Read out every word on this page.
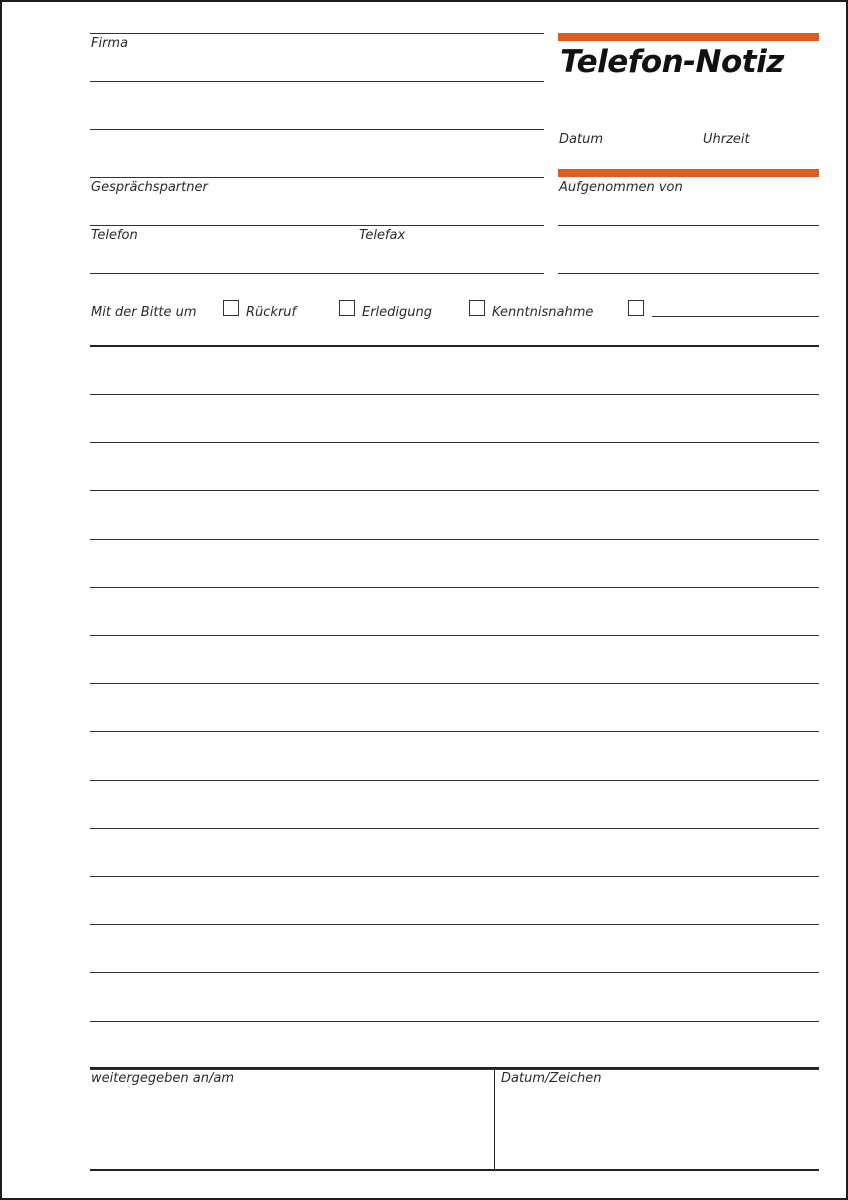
Firma
Gesprächspartner
Telefon	Telefax
Telefon-Notiz
Datum	Uhrzeit
Aufgenommen von
Mit der Bitte um	Rückruf	Erledigung	Kenntnisnahme
weitergegeben an/am	Datum/Zeichen
